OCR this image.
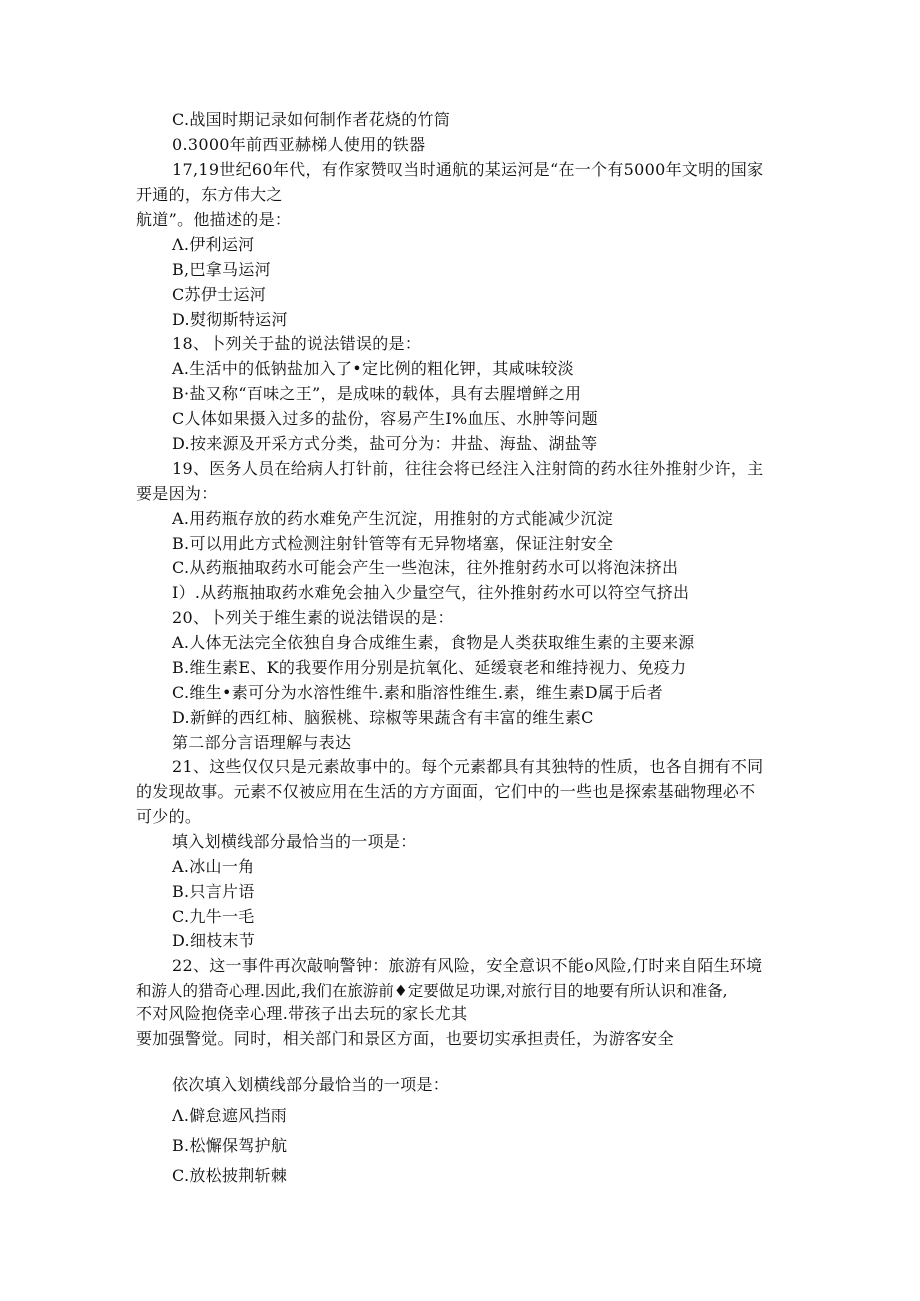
C.战国时期记录如何制作者花烧的竹筒
0.3000年前西亚赫梯人使用的铁器
17,19世纪60年代，有作家赞叹当时通航的某运河是“在一个有5000年文明的国家
开通的，东方伟大之
航道”。他描述的是：
Λ.伊利运河
B,巴拿马运河
C苏伊士运河
D.熨彻斯特运河
18、卜列关于盐的说法错误的是：
A.生活中的低钠盐加入了•定比例的粗化钾，其咸味较淡
B·盐又称“百味之王”，是成味的载体，具有去腥增鲜之用
C人体如果摄入过多的盐份，容易产生I%血压、水肿等问题
D.按来源及开采方式分类，盐可分为：井盐、海盐、湖盐等
19、医务人员在给病人打针前，往往会将已经注入注射筒的药水往外推射少许，主
要是因为：
A.用药瓶存放的药水难免产生沉淀，用推射的方式能减少沉淀
B.可以用此方式检测注射针管等有无异物堵塞，保证注射安全
C.从药瓶抽取药水可能会产生一些泡沫，往外推射药水可以将泡沫挤出
I）.从药瓶抽取药水难免会抽入少量空气，往外推射药水可以符空气挤出
20、卜列关于维生素的说法错误的是：
A.人体无法完全依独自身合成维生素，食物是人类获取维生素的主要来源
B.维生素E、K的我要作用分别是抗氧化、延缓衰老和维持视力、免疫力
C.维生•素可分为水溶性维牛.素和脂溶性维生.素，维生素D属于后者
D.新鲜的西红柿、脑猴桃、琮椒等果蔬含有丰富的维生素C
第二部分言语理解与表达
21、这些仅仅只是元素故事中的。每个元素都具有其独特的性质，也各自拥有不同
的发现故事。元素不仅被应用在生活的方方面面，它们中的一些也是探索基础物理必不
可少的。
填入划横线部分最恰当的一项是：
A.冰山一角
B.只言片语
C.九牛一毛
D.细枝末节
22、这一事件再次敲响警钟：旅游有风险，安全意识不能o风险,仃时来自陌生环境
和游人的猎奇心理.因此,我们在旅游前♦定要做足功课,对旅行目的地要有所认识和准备,
不对风险抱侥幸心理.带孩子出去玩的家长尤其
要加强警觉。同时，相关部门和景区方面，也要切实承担责任，为游客安全
依次填入划横线部分最恰当的一项是：
Λ.僻怠遮风挡雨
B.松懈保驾护航
C.放松披荆斩棘
